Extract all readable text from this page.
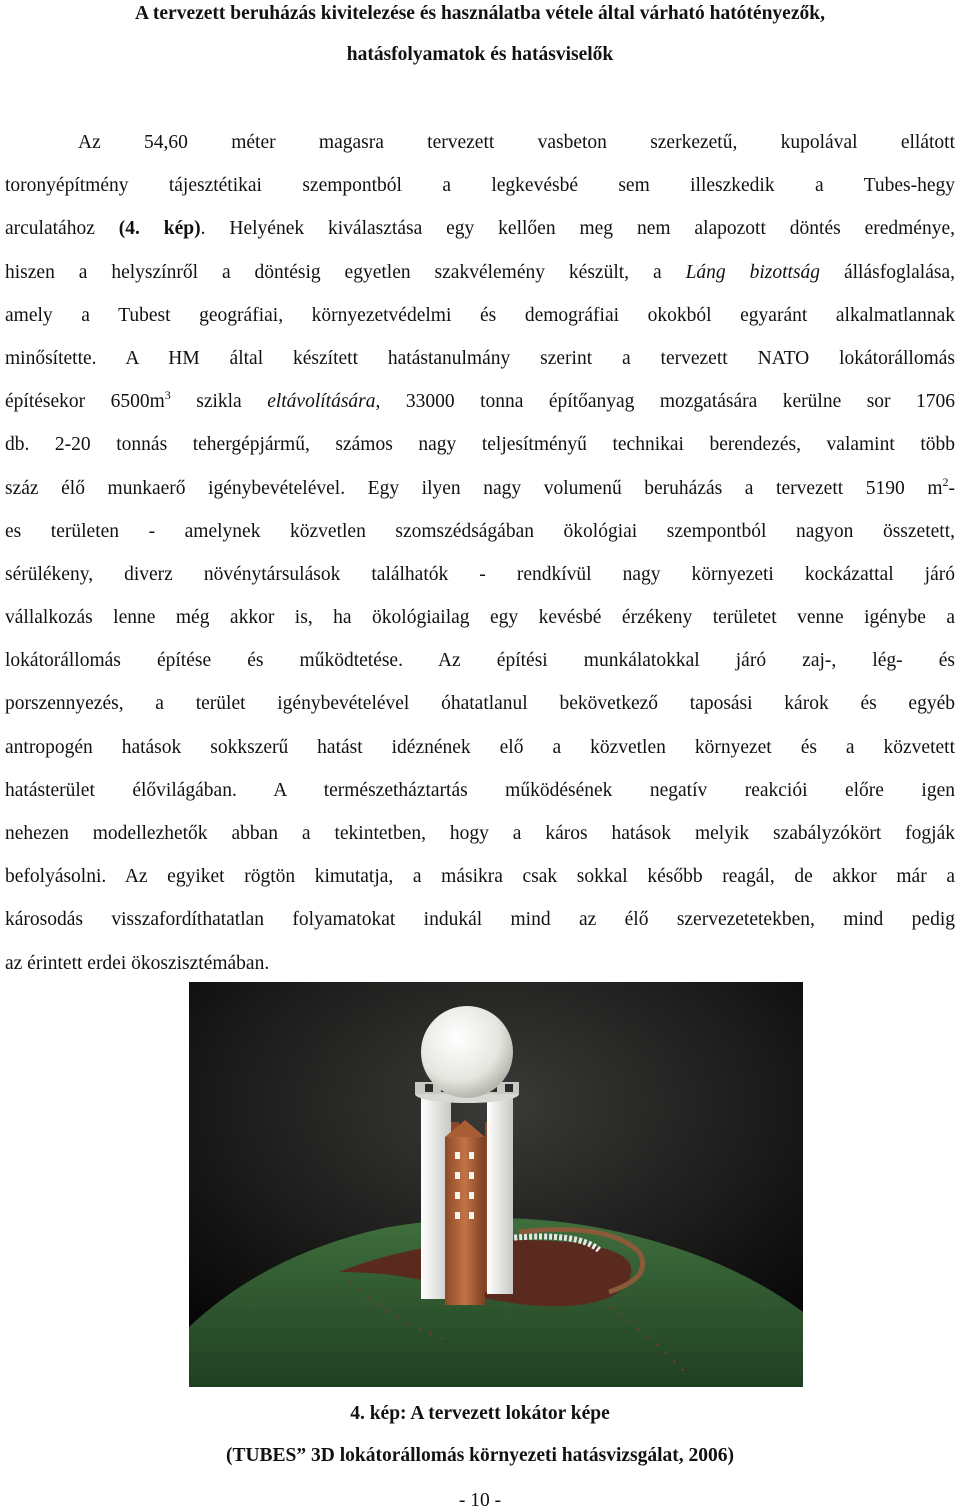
A tervezett beruházás kivitelezése és használatba vétele által várható hatótényezők,
hatásfolyamatok és hatásviselők
Az 54,60 méter magasra tervezett vasbeton szerkezetű, kupolával ellátott
toronyépítmény tájesztétikai szempontból a legkevésbé sem illeszkedik a Tubes-hegy
arculatához (4. kép). Helyének kiválasztása egy kellően meg nem alapozott döntés eredménye,
hiszen a helyszínről a döntésig egyetlen szakvélemény készült, a Láng bizottság állásfoglalása,
amely a Tubest geográfiai, környezetvédelmi és demográfiai okokból egyaránt alkalmatlannak
minősítette. A HM által készített hatástanulmány szerint a tervezett NATO lokátorállomás
építésekor $6500m^3$ szikla eltávolítására, 33000 tonna építőanyag mozgatására kerülne sor 1706
db. 2-20 tonnás tehergépjármű, számos nagy teljesítményű technikai berendezés, valamint több
száz élő munkaerő igénybevételével. Egy ilyen nagy volumenű beruházás a tervezett 5190 $m^2-$
es területen - amelynek közvetlen szomszédságában ökológiai szempontból nagyon összetett,
sérülékeny, diverz növénytársulások találhatók - rendkívül nagy környezeti kockázattal járó
vállalkozás lenne még akkor is, ha ökológiailag egy kevésbé érzékeny területet venne igénybe a
lokátorállomás építése és működtetése. Az építési munkálatokkal járó zaj-, lég- és
porszennyezés, a terület igénybevételével óhatatlanul bekövetkező taposási károk és egyéb
antropogén hatások sokkszerű hatást idéznének elő a közvetlen környezet és a közvetett
hatásterület élővilágában. A természetháztartás működésének negatív reakciói előre igen
nehezen modellezhetők abban a tekintetben, hogy a káros hatások melyik szabályzókört fogják
befolyásolni. Az egyiket rögtön kimutatja, a másikra csak sokkal később reagál, de akkor már a
károsodás visszafordíthatatlan folyamatokat indukál mind az élő szervezetetekben, mind pedig
az érintett erdei ökoszisztémában.

4. kép: A tervezett lokátor képe

(TUBES” 3D lokátorállomás környezeti hatásvizsgálat, 2006)

- 10 -
